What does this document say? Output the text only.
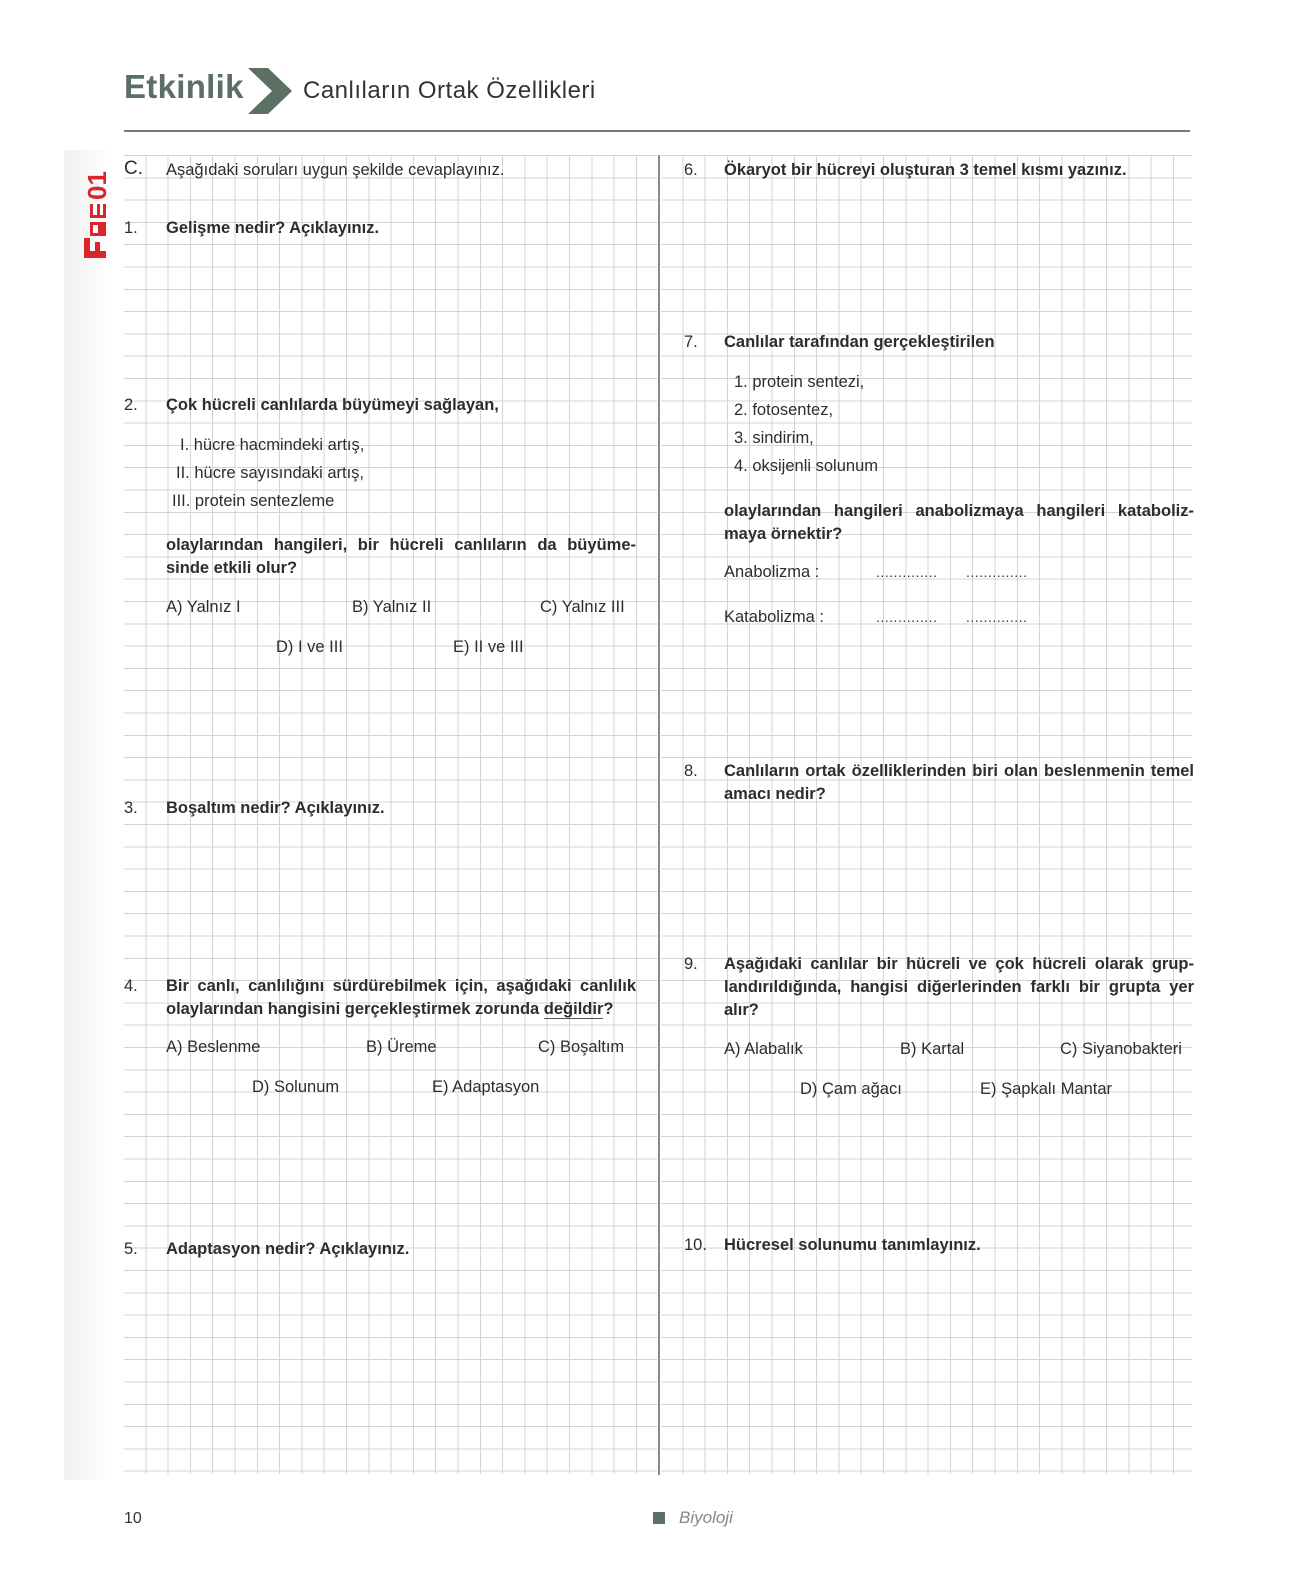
Etkinlik Canlıların Ortak Özellikleri
01
C. Aşağıdaki soruları uygun şekilde cevaplayınız.
1. Gelişme nedir? Açıklayınız.
2. Çok hücreli canlılarda büyümeyi sağlayan,
I. hücre hacmindeki artış,
II. hücre sayısındaki artış,
III. protein sentezleme
olaylarından hangileri, bir hücreli canlıların da büyümesinde etkili olur?
A) Yalnız I	B) Yalnız II	C) Yalnız III
D) I ve III	E) II ve III
3. Boşaltım nedir? Açıklayınız.
4. Bir canlı, canlılığını sürdürebilmek için, aşağıdaki canlılık olaylarından hangisini gerçekleştirmek zorunda değildir?
A) Beslenme	B) Üreme	C) Boşaltım
D) Solunum	E) Adaptasyon
5. Adaptasyon nedir? Açıklayınız.
6. Ökaryot bir hücreyi oluşturan 3 temel kısmı yazınız.
7. Canlılar tarafından gerçekleştirilen
1. protein sentezi,
2. fotosentez,
3. sindirim,
4. oksijenli solunum
olaylarından hangileri anabolizmaya hangileri katabolizmaya örnektir?
Anabolizma :	.............. ..............
Katabolizma :	.............. ..............
8. Canlıların ortak özelliklerinden biri olan beslenmenin temel amacı nedir?
9. Aşağıdaki canlılar bir hücreli ve çok hücreli olarak gruplandırıldığında, hangisi diğerlerinden farklı bir grupta yer alır?
A) Alabalık	B) Kartal	C) Siyanobakteri
D) Çam ağacı	E) Şapkalı Mantar
10. Hücresel solunumu tanımlayınız.
10	Biyoloji
